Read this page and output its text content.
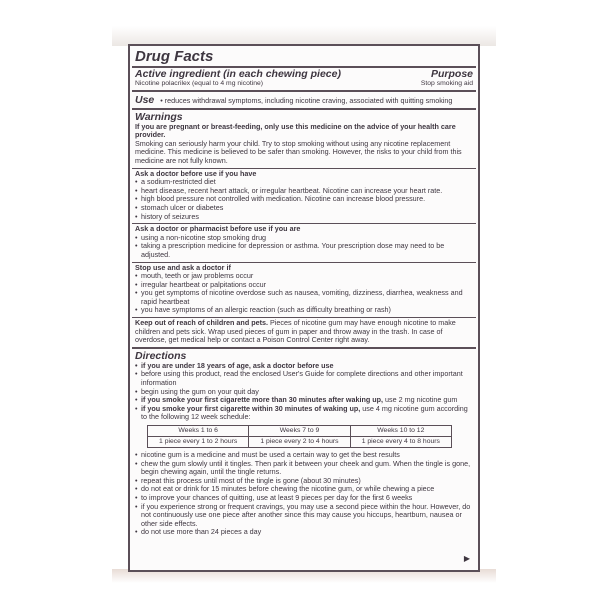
Drug Facts
Active ingredient (in each chewing piece)	Purpose
Nicotine polacrilex (equal to 4 mg nicotine)	Stop smoking aid
Use • reduces withdrawal symptoms, including nicotine craving, associated with quitting smoking
Warnings

If you are pregnant or breast-feeding, only use this medicine on the advice of your health care provider.

Smoking can seriously harm your child. Try to stop smoking without using any nicotine replacement medicine. This medicine is believed to be safer than smoking. However, the risks to your child from this medicine are not fully known.

Ask a doctor before use if you have

• a sodium-restricted diet
• heart disease, recent heart attack, or irregular heartbeat. Nicotine can increase your heart rate.
• high blood pressure not controlled with medication. Nicotine can increase blood pressure.
• stomach ulcer or diabetes
• history of seizures

Ask a doctor or pharmacist before use if you are

• using a non-nicotine stop smoking drug
• taking a prescription medicine for depression or asthma. Your prescription dose may need to be adjusted.

Stop use and ask a doctor if

• mouth, teeth or jaw problems occur
• irregular heartbeat or palpitations occur
• you get symptoms of nicotine overdose such as nausea, vomiting, dizziness, diarrhea, weakness and rapid heartbeat
• you have symptoms of an allergic reaction (such as difficulty breathing or rash)

Keep out of reach of children and pets. Pieces of nicotine gum may have enough nicotine to make children and pets sick. Wrap used pieces of gum in paper and throw away in the trash. In case of overdose, get medical help or contact a Poison Control Center right away.

Directions
• if you are under 18 years of age, ask a doctor before use
• before using this product, read the enclosed User's Guide for complete directions and other important information
• begin using the gum on your quit day
• if you smoke your first cigarette more than 30 minutes after waking up, use 2 mg nicotine gum
• if you smoke your first cigarette within 30 minutes of waking up, use 4 mg nicotine gum according to the following 12 week schedule:
Weeks 1 to 6	Weeks 7 to 9	Weeks 10 to 12
1 piece every 1 to 2 hours	1 piece every 2 to 4 hours	1 piece every 4 to 8 hours
• nicotine gum is a medicine and must be used a certain way to get the best results
• chew the gum slowly until it tingles. Then park it between your cheek and gum. When the tingle is gone, begin chewing again, until the tingle returns.
• repeat this process until most of the tingle is gone (about 30 minutes)
• do not eat or drink for 15 minutes before chewing the nicotine gum, or while chewing a piece
• to improve your chances of quitting, use at least 9 pieces per day for the first 6 weeks
• if you experience strong or frequent cravings, you may use a second piece within the hour. However, do not continuously use one piece after another since this may cause you hiccups, heartburn, nausea or other side effects.
• do not use more than 24 pieces a day
▶
